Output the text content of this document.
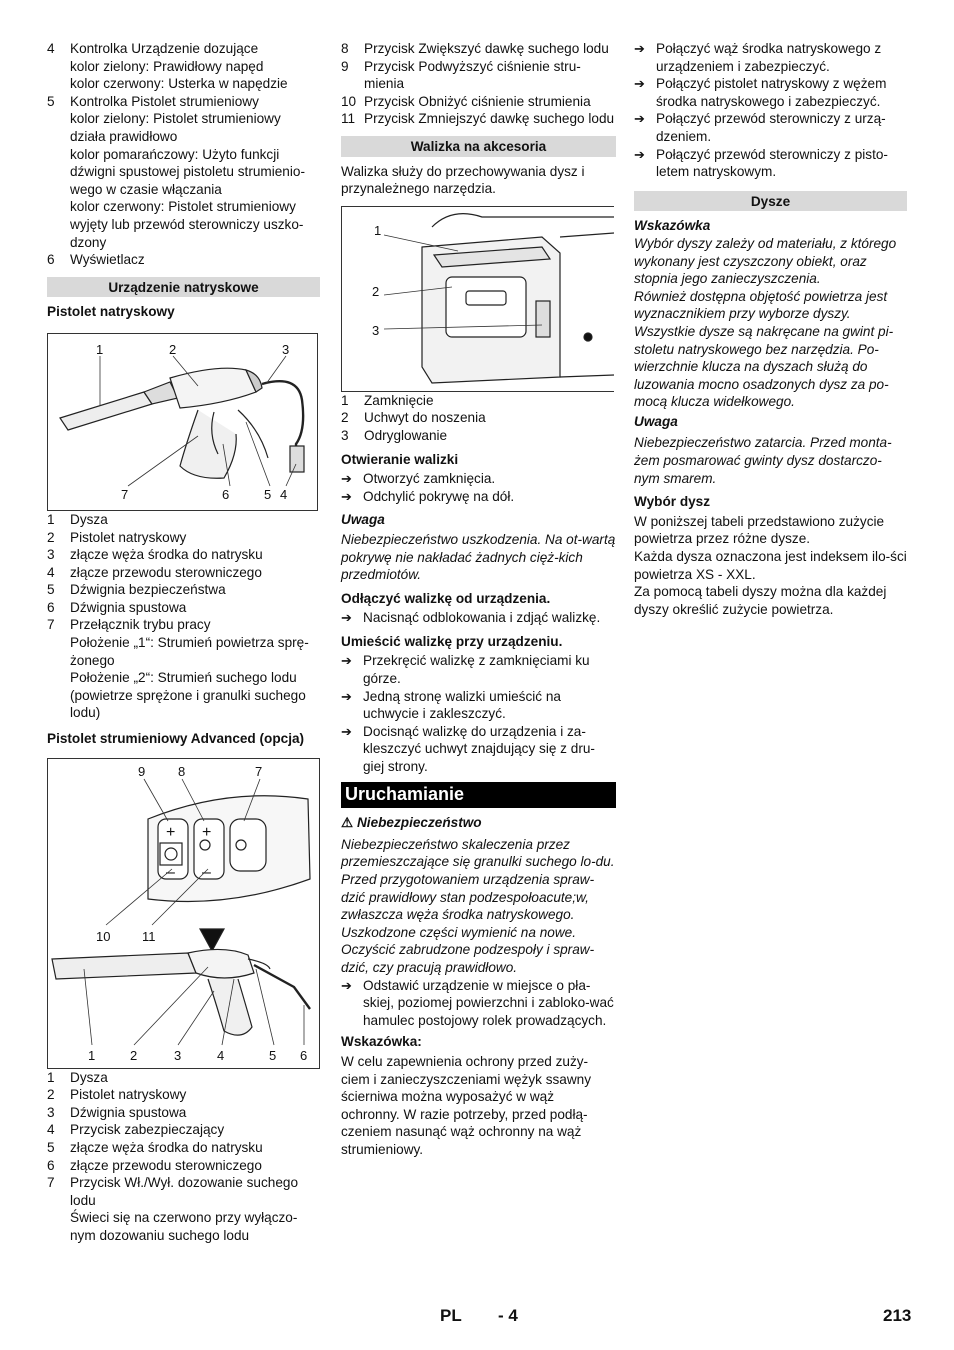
4	Kontrolka Urządzenie dozujące
kolor zielony: Prawidłowy napęd
kolor czerwony: Usterka w napędzie
5	Kontrolka Pistolet strumieniowy
kolor zielony: Pistolet strumieniowy działa prawidłowo
kolor pomarańczowy: Użyto funkcji dźwigni spustowej pistoletu strumienio-wego w czasie włączania
kolor czerwony: Pistolet strumieniowy wyjęty lub przewód sterowniczy uszko-dzony
6	Wyświetlacz
Urządzenie natryskowe
Pistolet natryskowy
1	2	3
7	6	5 4
1	Dysza
2	Pistolet natryskowy
3	złącze węża środka do natrysku
4	złącze przewodu sterowniczego
5	Dźwignia bezpieczeństwa
6	Dźwignia spustowa
7	Przełącznik trybu pracy
Położenie „1“: Strumień powietrza sprę-żonego
Położenie „2“: Strumień suchego lodu (powietrze sprężone i granulki suchego lodu)
Pistolet strumieniowy Advanced (opcja)
+
–
+
–
9	8	7
10 11
1	2	3	4	5 6
1	Dysza
2	Pistolet natryskowy
3	Dźwignia spustowa
4	Przycisk zabezpieczający
5	złącze węża środka do natrysku
6	złącze przewodu sterowniczego
7	Przycisk Wł./Wył. dozowanie suchego lodu
Świeci się na czerwono przy wyłączo-nym dozowaniu suchego lodu
8	Przycisk Zwiększyć dawkę suchego lodu
9	Przycisk Podwyższyć ciśnienie stru-mienia
10 Przycisk Obniżyć ciśnienie strumienia
11 Przycisk Zmniejszyć dawkę suchego lodu
Walizka na akcesoria
Walizka służy do przechowywania dysz i przynależnego narzędzia.
1
2
3
1	Zamknięcie
2	Uchwyt do noszenia
3	Odryglowanie
Otwieranie walizki
➔ Otworzyć zamknięcia.
➔ Odchylić pokrywę na dół.
Uwaga
Niebezpieczeństwo uszkodzenia. Na ot-wartą pokrywę nie nakładać żadnych cięż-kich przedmiotów.
Odłączyć walizkę od urządzenia.
➔ Nacisnąć odblokowania i zdjąć walizkę.
Umieścić walizkę przy urządzeniu.
➔ Przekręcić walizkę z zamknięciami ku górze.
➔ Jedną stronę walizki umieścić na uchwycie i zakleszczyć.
➔ Docisnąć walizkę do urządzenia i za-kleszczyć uchwyt znajdujący się z dru-giej strony.
Uruchamianie
⚠ Niebezpieczeństwo
Niebezpieczeństwo skaleczenia przez przemieszczające się granulki suchego lo-du.
Przed przygotowaniem urządzenia spraw-dzić prawidłowy stan podzespołoacute;w, zwłaszcza węża środka natryskowego. Uszkodzone części wymienić na nowe. Oczyścić zabrudzone podzespoły i spraw-dzić, czy pracują prawidłowo.
➔ Odstawić urządzenie w miejsce o pła-skiej, poziomej powierzchni i zabloko-wać hamulec postojowy rolek prowadzących.
Wskazówka:
W celu zapewnienia ochrony przed zuży-ciem i zanieczyszczeniami wężyk ssawny ścierniwa można wyposażyć w wąż ochronny. W razie potrzeby, przed podłą-czeniem nasunąć wąż ochronny na wąż strumieniowy.
➔ Połączyć wąż środka natryskowego z urządzeniem i zabezpieczyć.
➔ Połączyć pistolet natryskowy z wężem środka natryskowego i zabezpieczyć.
➔ Połączyć przewód sterowniczy z urzą-dzeniem.
➔ Połączyć przewód sterowniczy z pisto-letem natryskowym.
Dysze
Wskazówka
Wybór dyszy zależy od materiału, z którego wykonany jest czyszczony obiekt, oraz stopnia jego zanieczyszczenia.
Również dostępna objętość powietrza jest wyznacznikiem przy wyborze dyszy.
Wszystkie dysze są nakręcane na gwint pi-stoletu natryskowego bez narzędzia. Po-wierzchnie klucza na dyszach służą do luzowania mocno osadzonych dysz za po-mocą klucza widełkowego.
Uwaga
Niebezpieczeństwo zatarcia. Przed monta-żem posmarować gwinty dysz dostarczo-nym smarem.
Wybór dysz
W poniższej tabeli przedstawiono zużycie powietrza przez różne dysze.
Każda dysza oznaczona jest indeksem ilo-ści powietrza XS - XXL.
Za pomocą tabeli dyszy można dla każdej dyszy określić zużycie powietrza.
PL - 4	213
